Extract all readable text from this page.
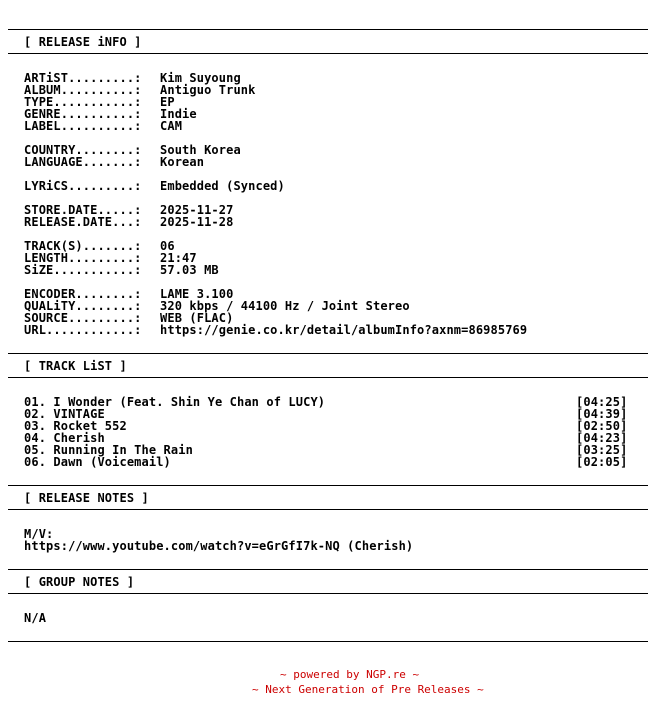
[ RELEASE iNFO ]
ARTiST.........: Kim Suyoung
ALBUM..........: Antiguo Trunk
TYPE...........: EP
GENRE..........: Indie
LABEL..........: CAM
COUNTRY........: South Korea
LANGUAGE.......: Korean
LYRiCS.........: Embedded (Synced)
STORE.DATE.....: 2025-11-27
RELEASE.DATE...: 2025-11-28
TRACK(S).......: 06
LENGTH.........: 21:47
SiZE...........: 57.03 MB
ENCODER........: LAME 3.100
QUALiTY........: 320 kbps / 44100 Hz / Joint Stereo
SOURCE.........: WEB (FLAC)
URL............: https://genie.co.kr/detail/albumInfo?axnm=86985769
[ TRACK LiST ]
01. I Wonder (Feat. Shin Ye Chan of LUCY)	[04:25]
02. VINTAGE	[04:39]
03. Rocket 552	[02:50]
04. Cherish	[04:23]
05. Running In The Rain	[03:25]
06. Dawn (Voicemail)	[02:05]
[ RELEASE NOTES ]
M/V:
https://www.youtube.com/watch?v=eGrGfI7k-NQ (Cherish)
[ GROUP NOTES ]
N/A
~ powered by NGP.re ~
~ Next Generation of Pre Releases ~
